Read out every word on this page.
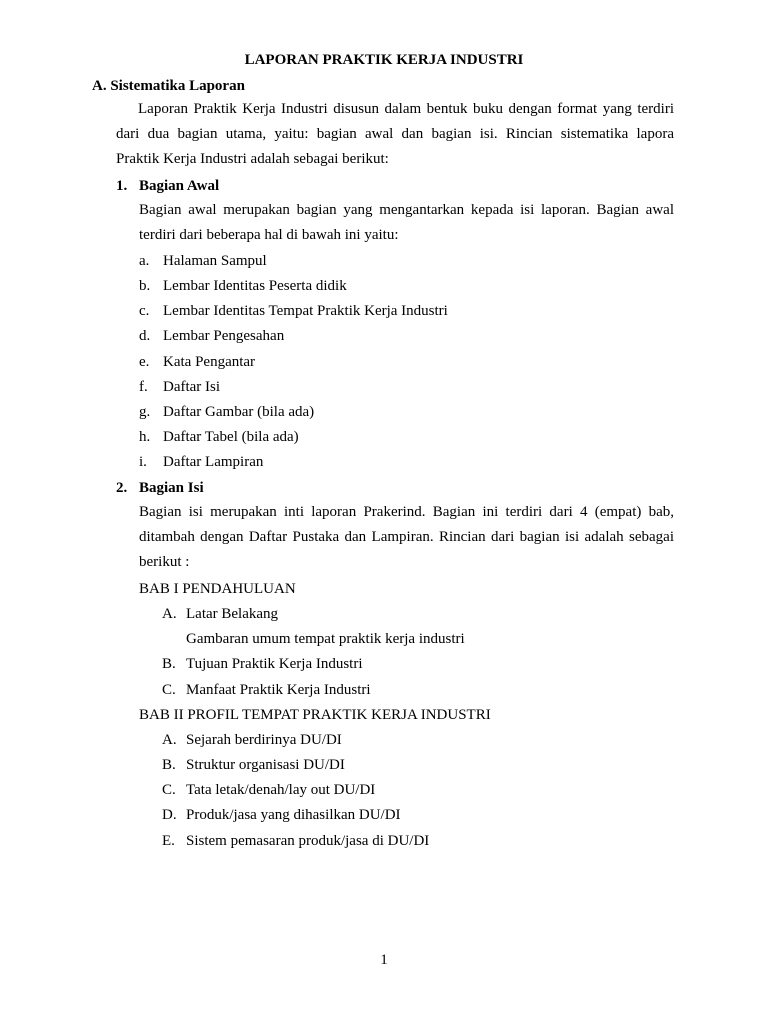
LAPORAN PRAKTIK KERJA INDUSTRI
A. Sistematika Laporan
Laporan Praktik Kerja Industri disusun dalam bentuk buku dengan format yang terdiri
dari dua bagian utama, yaitu: bagian awal dan bagian isi. Rincian sistematika lapora
Praktik Kerja Industri adalah sebagai berikut:
1. Bagian Awal
Bagian awal merupakan bagian yang mengantarkan kepada isi laporan. Bagian awal
terdiri dari beberapa hal di bawah ini yaitu:
a. Halaman Sampul
b. Lembar Identitas Peserta didik
c. Lembar Identitas Tempat Praktik Kerja Industri
d. Lembar Pengesahan
e. Kata Pengantar
f. Daftar Isi
g. Daftar Gambar (bila ada)
h. Daftar Tabel (bila ada)
i. Daftar Lampiran
2. Bagian Isi
Bagian isi merupakan inti laporan Prakerind. Bagian ini terdiri dari 4 (empat) bab,
ditambah dengan Daftar Pustaka dan Lampiran. Rincian dari bagian isi adalah sebagai
berikut :
BAB I PENDAHULUAN
A. Latar Belakang
Gambaran umum tempat praktik kerja industri
B. Tujuan Praktik Kerja Industri
C. Manfaat Praktik Kerja Industri
BAB II PROFIL TEMPAT PRAKTIK KERJA INDUSTRI
A. Sejarah berdirinya DU/DI
B. Struktur organisasi DU/DI
C. Tata letak/denah/lay out DU/DI
D. Produk/jasa yang dihasilkan DU/DI
E. Sistem pemasaran produk/jasa di DU/DI
1
